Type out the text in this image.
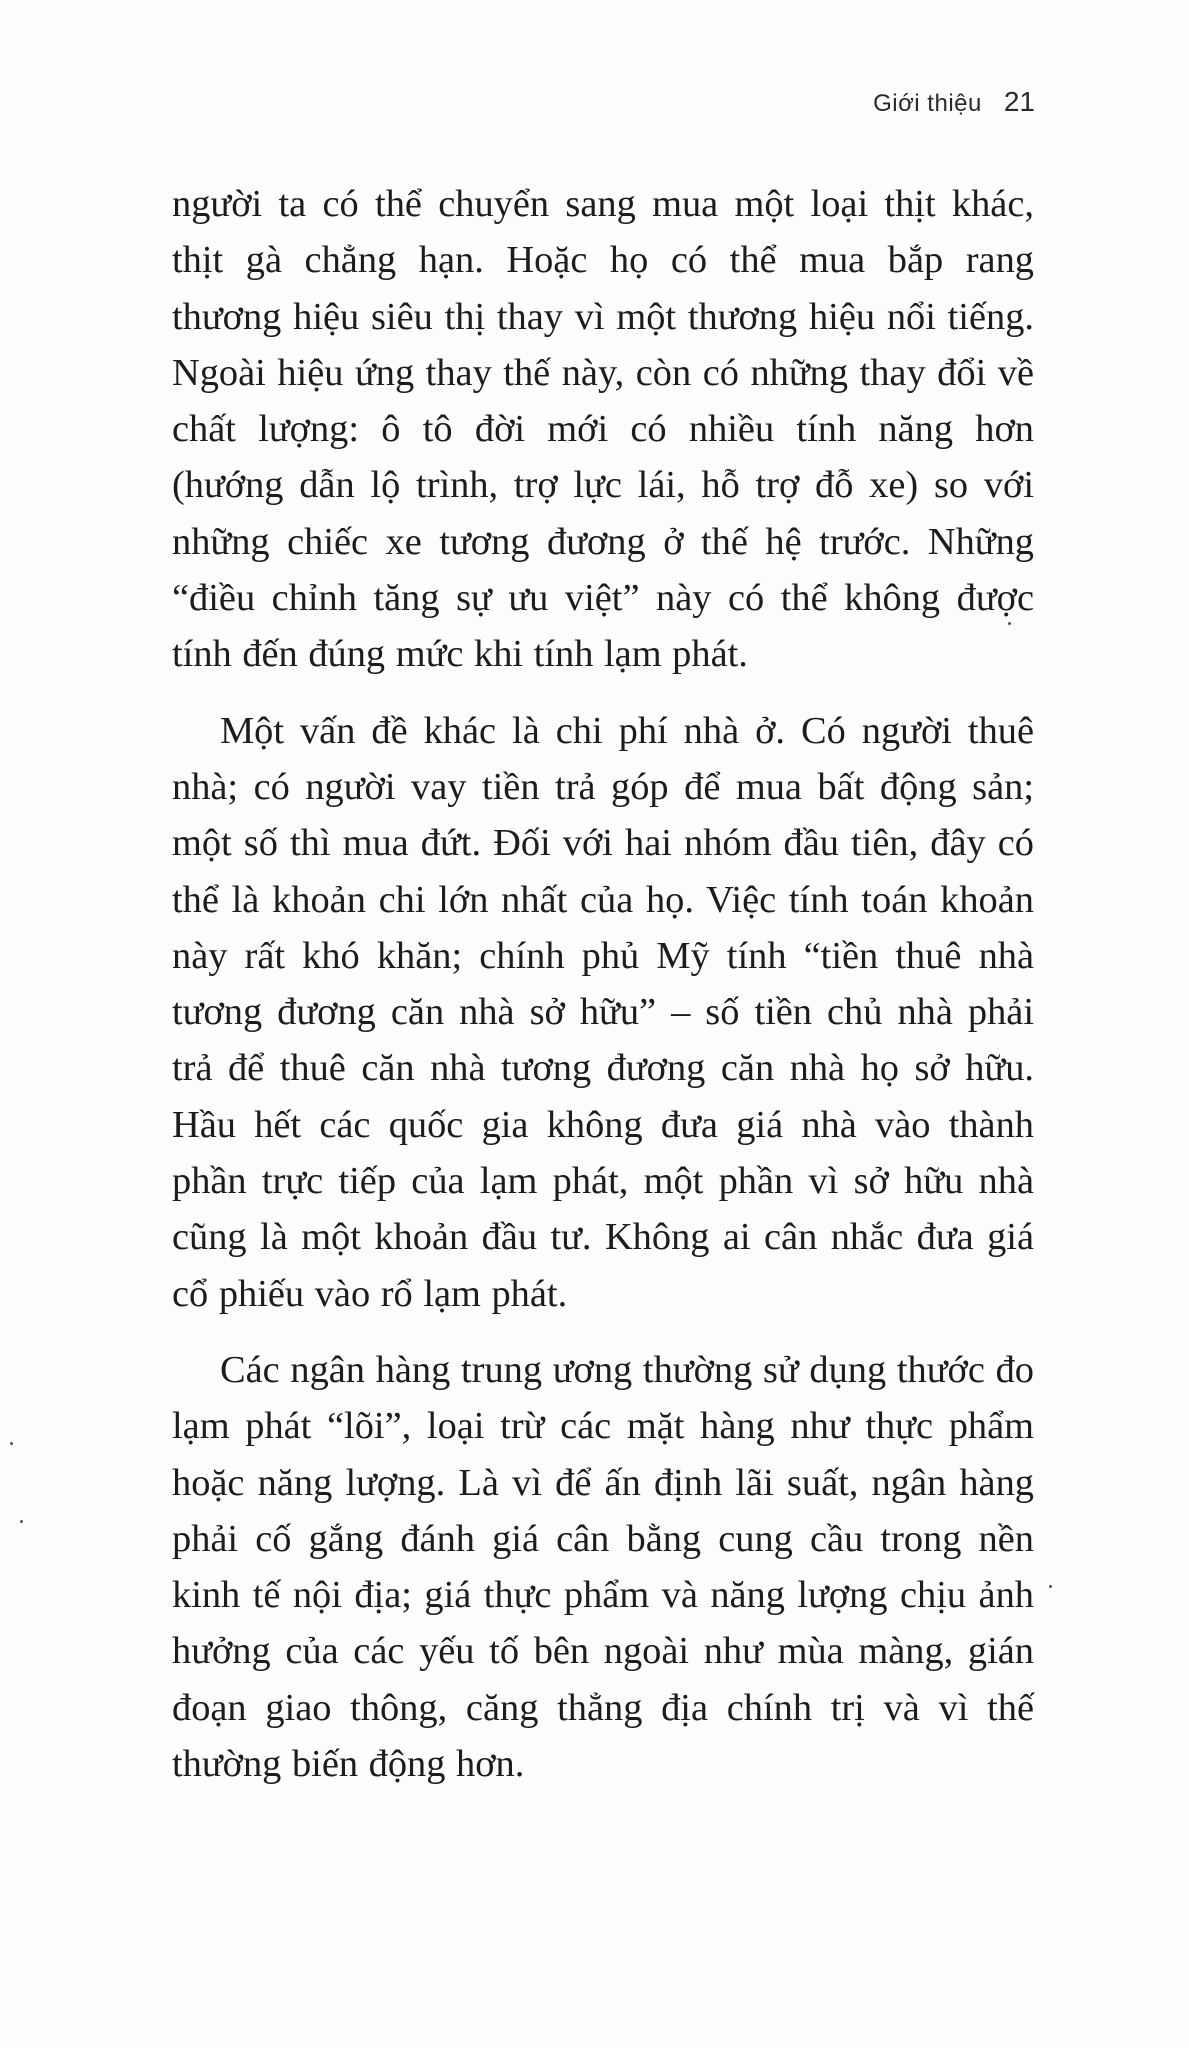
Giới thiệu 21

người ta có thể chuyển sang mua một loại thịt khác, thịt gà chẳng hạn. Hoặc họ có thể mua bắp rang thương hiệu siêu thị thay vì một thương hiệu nổi tiếng. Ngoài hiệu ứng thay thế này, còn có những thay đổi về chất lượng: ô tô đời mới có nhiều tính năng hơn (hướng dẫn lộ trình, trợ lực lái, hỗ trợ đỗ xe) so với những chiếc xe tương đương ở thế hệ trước. Những “điều chỉnh tăng sự ưu việt” này có thể không được tính đến đúng mức khi tính lạm phát.

Một vấn đề khác là chi phí nhà ở. Có người thuê nhà; có người vay tiền trả góp để mua bất động sản; một số thì mua đứt. Đối với hai nhóm đầu tiên, đây có thể là khoản chi lớn nhất của họ. Việc tính toán khoản này rất khó khăn; chính phủ Mỹ tính “tiền thuê nhà tương đương căn nhà sở hữu” – số tiền chủ nhà phải trả để thuê căn nhà tương đương căn nhà họ sở hữu. Hầu hết các quốc gia không đưa giá nhà vào thành phần trực tiếp của lạm phát, một phần vì sở hữu nhà cũng là một khoản đầu tư. Không ai cân nhắc đưa giá cổ phiếu vào rổ lạm phát.

Các ngân hàng trung ương thường sử dụng thước đo lạm phát “lõi”, loại trừ các mặt hàng như thực phẩm hoặc năng lượng. Là vì để ấn định lãi suất, ngân hàng phải cố gắng đánh giá cân bằng cung cầu trong nền kinh tế nội địa; giá thực phẩm và năng lượng chịu ảnh hưởng của các yếu tố bên ngoài như mùa màng, gián đoạn giao thông, căng thẳng địa chính trị và vì thế thường biến động hơn.
